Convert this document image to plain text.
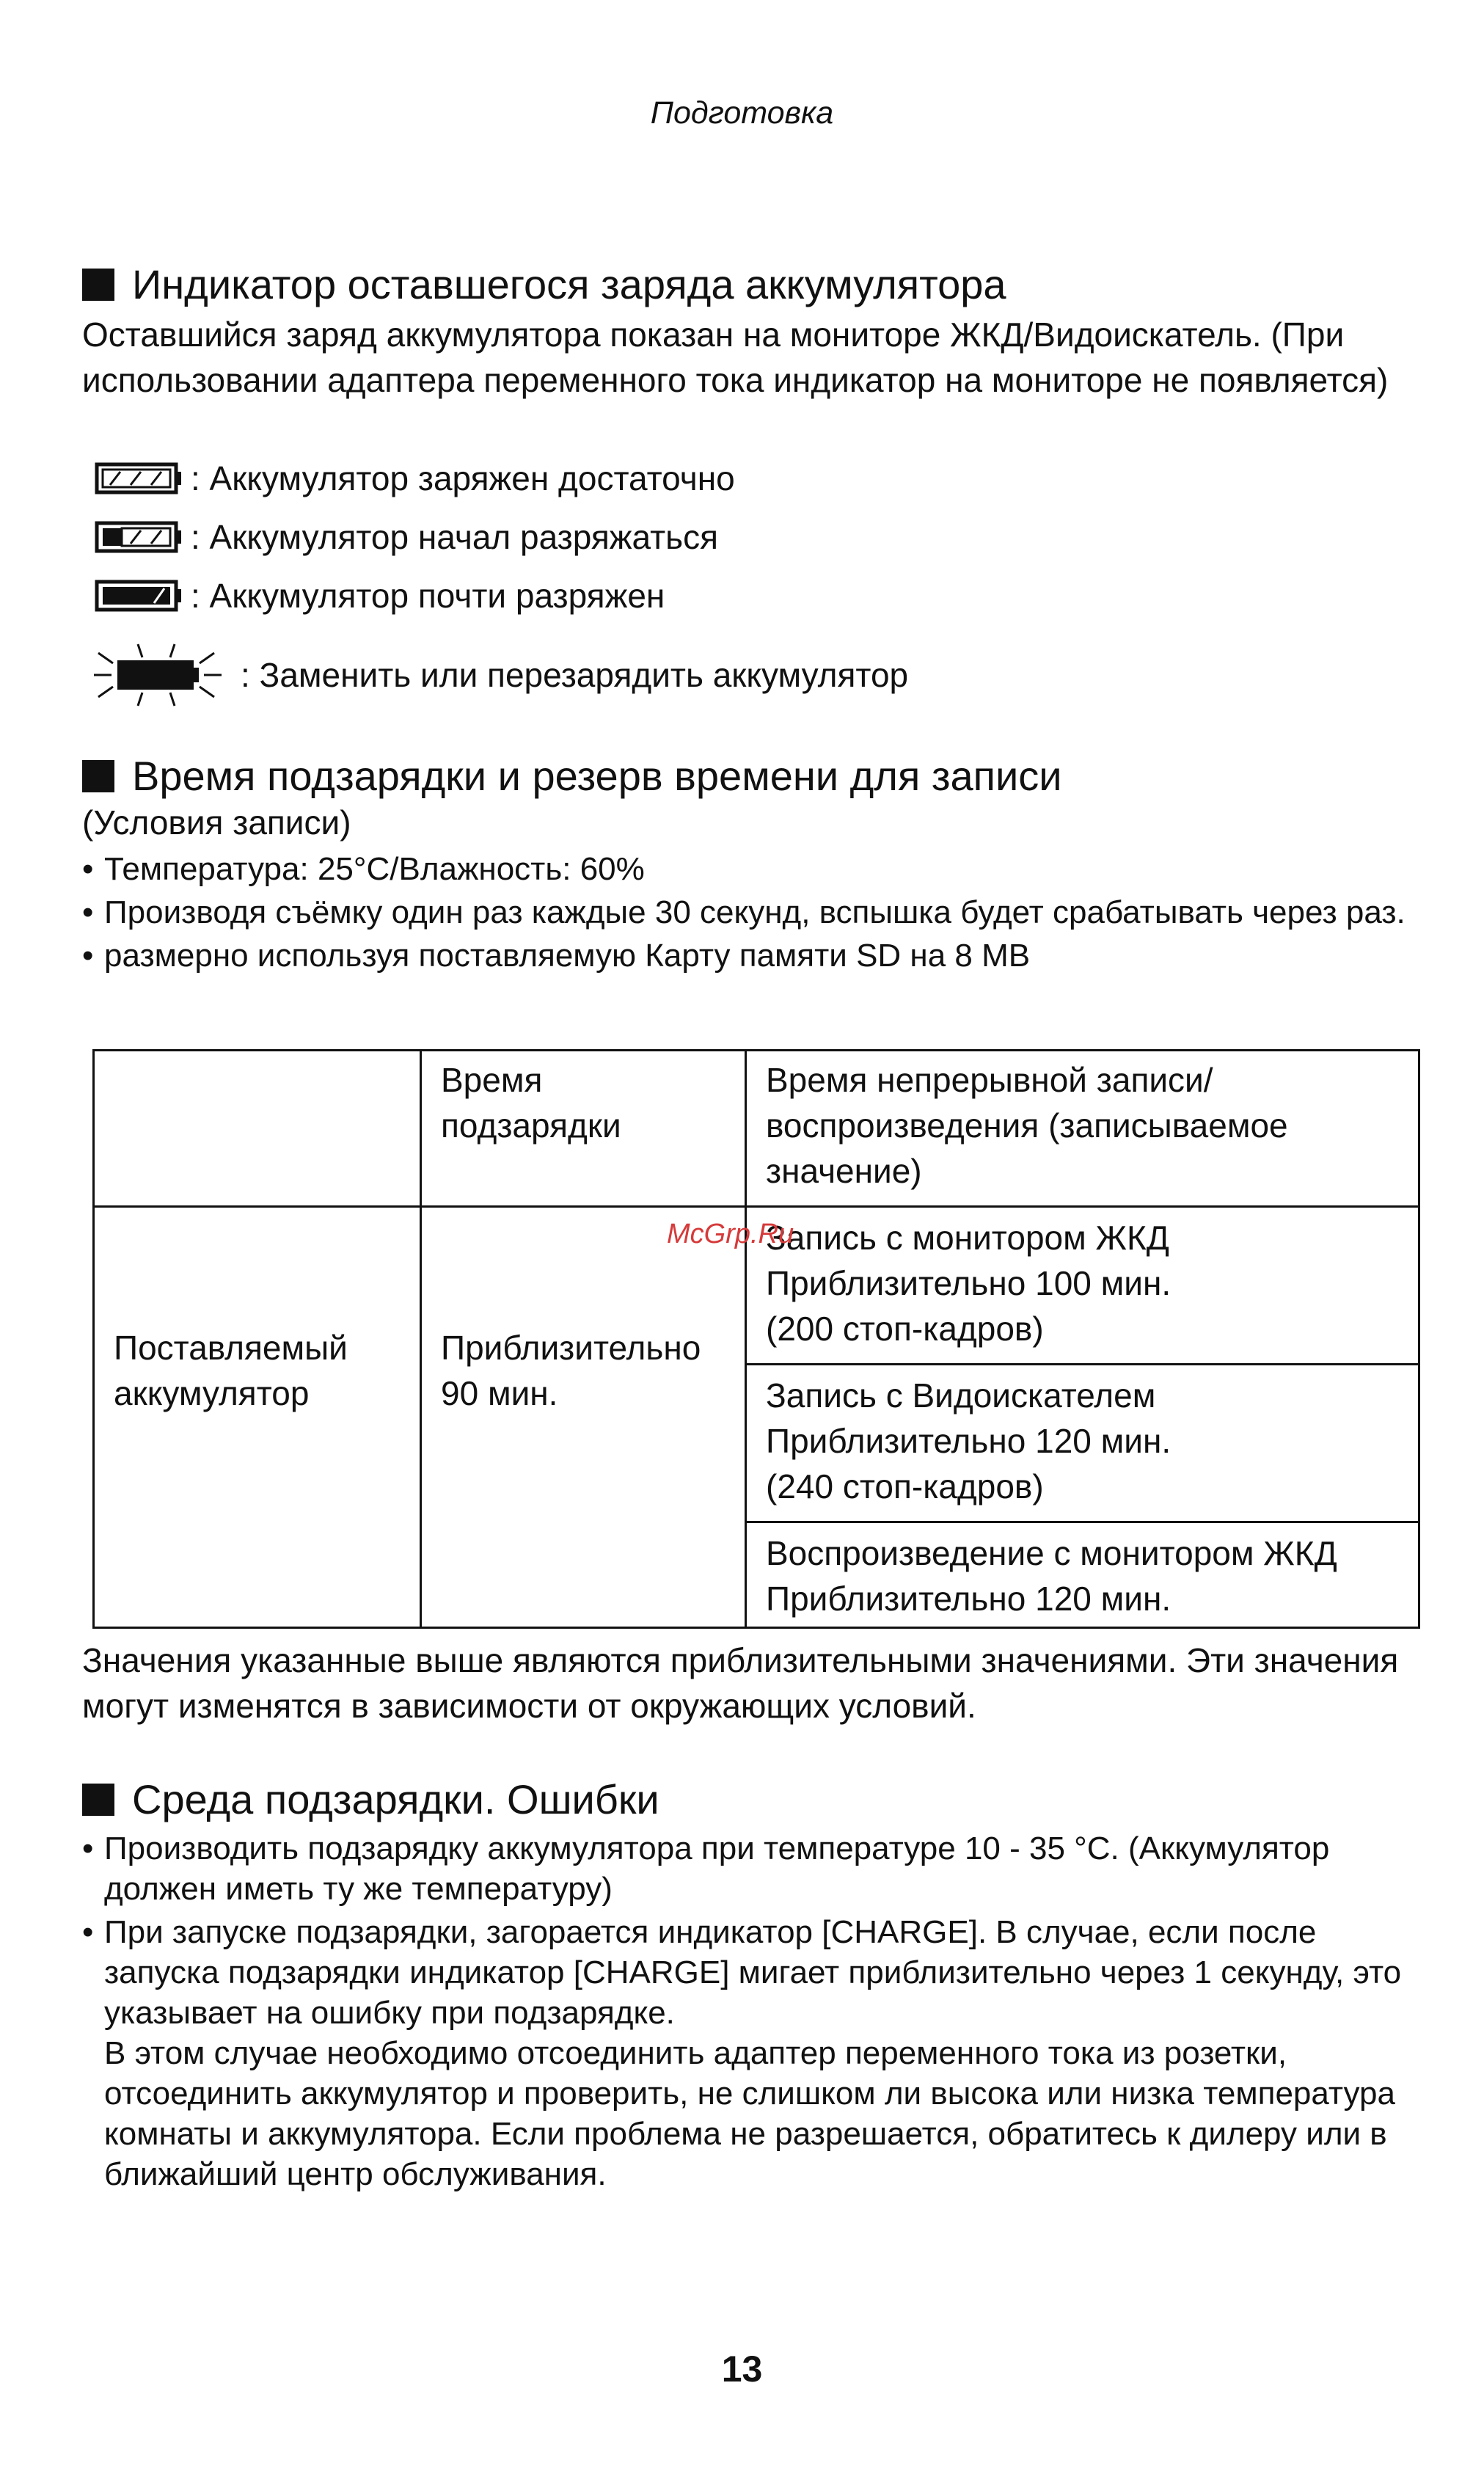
Подготовка
Индикатор оставшегося заряда аккумулятора
Оставшийся заряд аккумулятора показан на мониторе ЖКД/Видоискатель. (При использовании адаптера переменного тока индикатор на мониторе не появляется)
: Аккумулятор заряжен достаточно
: Аккумулятор начал разряжаться
: Аккумулятор почти разряжен
: Заменить или перезарядить аккумулятор
Время подзарядки и резерв времени для записи
(Условия записи)
• Температура: 25°C/Влажность: 60%
• Производя съёмку один раз каждые 30 секунд, вспышка будет срабатывать через раз.
• размерно используя поставляемую Карту памяти SD на 8 MB
Время подзарядки
Время непрерывной записи/ воспроизведения (записываемое значение)
Поставляемый аккумулятор
Приблизительно 90 мин.
Запись с монитором ЖКД
Приблизительно 100 мин.
(200 стоп-кадров)
Запись с Видоискателем
Приблизительно 120 мин.
(240 стоп-кадров)
Воспроизведение с монитором ЖКД
Приблизительно 120 мин.
McGrp.Ru
Значения указанные выше являются приблизительными значениями. Эти значения могут изменятся в зависимости от окружающих условий.
Среда подзарядки. Ошибки
• Производить подзарядку аккумулятора при температуре 10 - 35 °C. (Аккумулятор должен иметь ту же температуру)
• При запуске подзарядки, загорается индикатор [CHARGE]. В случае, если после запуска подзарядки индикатор [CHARGE] мигает приблизительно через 1 секунду, это указывает на ошибку при подзарядке.
В этом случае необходимо отсоединить адаптер переменного тока из розетки, отсоединить аккумулятор и проверить, не слишком ли высока или низка температура комнаты и аккумулятора. Если проблема не разрешается, обратитесь к дилеру или в ближайший центр обслуживания.
13
